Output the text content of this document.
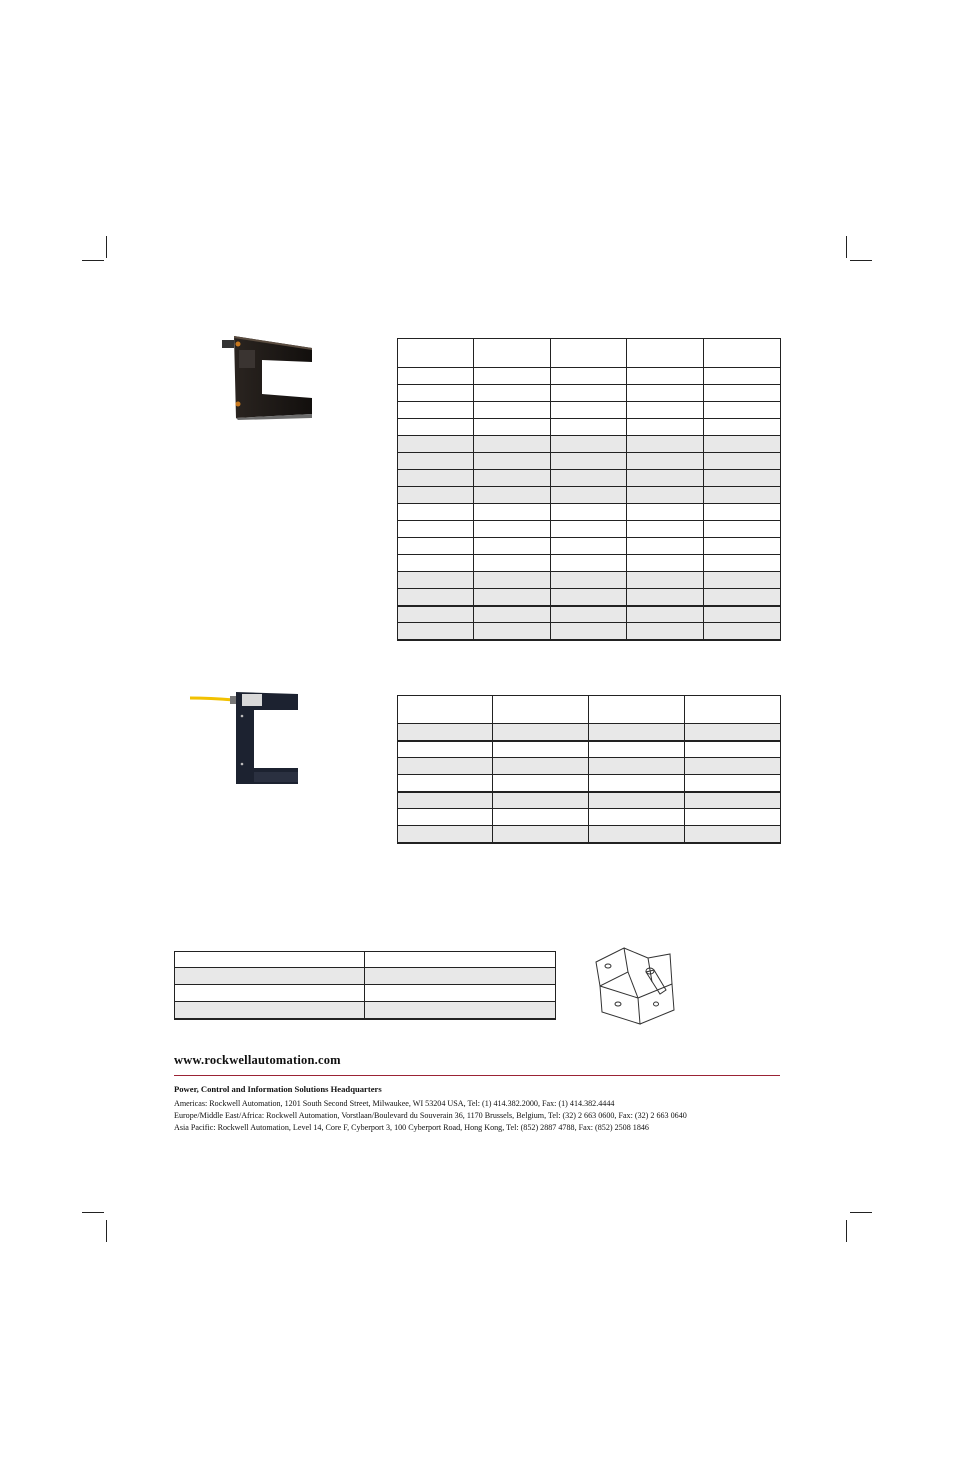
www.rockwellautomation.com
Power, Control and Information Solutions Headquarters
Americas: Rockwell Automation, 1201 South Second Street, Milwaukee, WI 53204 USA, Tel: (1) 414.382.2000, Fax: (1) 414.382.4444
Europe/Middle East/Africa: Rockwell Automation, Vorstlaan/Boulevard du Souverain 36, 1170 Brussels, Belgium, Tel: (32) 2 663 0600, Fax: (32) 2 663 0640
Asia Pacific: Rockwell Automation, Level 14, Core F, Cyberport 3, 100 Cyberport Road, Hong Kong, Tel: (852) 2887 4788, Fax: (852) 2508 1846
